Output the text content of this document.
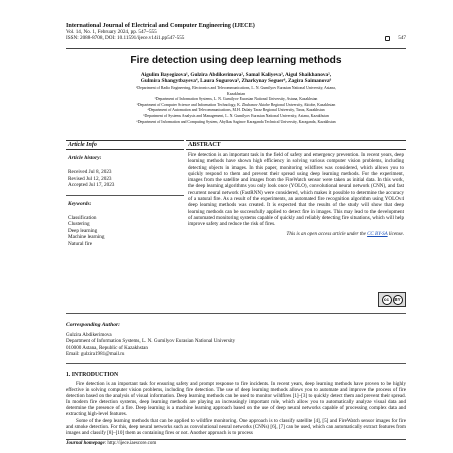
International Journal of Electrical and Computer Engineering (IJECE)
Vol. 14, No. 1, February 2024, pp. 547~555
ISSN: 2088-8708, DOI: 10.11591/ijece.v14i1.pp547-555	547
Fire detection using deep learning methods
Aigulim Bayegizova¹, Gulzira Abdikerimova², Samal Kaliyeva³, Aigul Shaikhanova²,
Gulmira Shangytbayeva⁴, Laura Sugurova⁵, Zharkynay Seguer⁶, Zagira Saimanova⁶
¹Department of Radio Engineering, Electronics and Telecommunications, L. N. Gumilyov Eurasian National University, Astana,
Kazakhstan
²Department of Information Systems, L. N. Gumilyov Eurasian National University, Astana, Kazakhstan
³Department of Computer Science and Information Technology, K. Zhubanov Aktobe Regional University, Aktobe, Kazakhstan
⁴Department of Automation and Telecommunications, M.H. Dulaty Taraz Regional University, Taraz, Kazakhstan
⁵Department of Systems Analysis and Management, L. N. Gumilyov Eurasian National University, Astana, Kazakhstan
⁶Department of Information and Computing System, Abylkas Saginov Karaganda Technical University, Karaganda, Kazakhstan
Article Info
Article history:
Received Jul 8, 2023
Revised Jul 12, 2023
Accepted Jul 17, 2023
Keywords:
Classification
Clustering
Deep learning
Machine learning
Natural fire
ABSTRACT
Fire detection is an important task in the field of safety and emergency prevention. In recent years, deep learning methods have shown high efficiency in solving various computer vision problems, including detecting objects in images. In this paper, monitoring wildfires was considered, which allows you to quickly respond to them and prevent their spread using deep learning methods. For the experiment, images from the satellite and images from the FireWatch sensor were taken as initial data. In this work, the deep learning algorithms you only look once (YOLO), convolutional neural network (CNN), and fast recurrent neural network (FastRNN) were considered, which makes it possible to determine the accuracy of a natural fire. As a result of the experiments, an automated fire recognition algorithm using YOLOv4 deep learning methods was created. It is expected that the results of the study will show that deep learning methods can be successfully applied to detect fire in images. This may lead to the development of automated monitoring systems capable of quickly and reliably detecting fire situations, which will help improve safety and reduce the risk of fires.
This is an open access article under the CC BY-SA license.
cc	BY
Corresponding Author:
Gulzira Abdikerimova
Department of Information Systems, L. N. Gumilyov Eurasian National University
010000 Astana, Republic of Kazakhstan
Email: gulzira1981@mail.ru
1. INTRODUCTION

Fire detection is an important task for ensuring safety and prompt response to fire incidents. In recent years, deep learning methods have proven to be highly effective in solving computer vision problems, including fire detection. The use of deep learning methods allows you to automate and improve the process of fire detection based on the analysis of visual information. Deep learning methods can be used to monitor wildfires [1]–[3] to quickly detect them and prevent their spread. In modern fire detection systems, deep learning methods are playing an increasingly important role, which allow you to automatically analyze visual data and determine the presence of a fire. Deep learning is a machine learning approach based on the use of deep neural networks capable of processing complex data and extracting high-level features.

Some of the deep learning methods that can be applied to wildfire monitoring. One approach is to classify satellite [4], [5] and FireWatch sensor images for fire and smoke detection. For this, deep neural networks such as convolutional neural networks (CNNs) [6], [7] can be used, which can automatically extract features from images and classify [8]–[10] them as containing fires or not. Another approach is to process

Journal homepage: http://ijece.iaescore.com
